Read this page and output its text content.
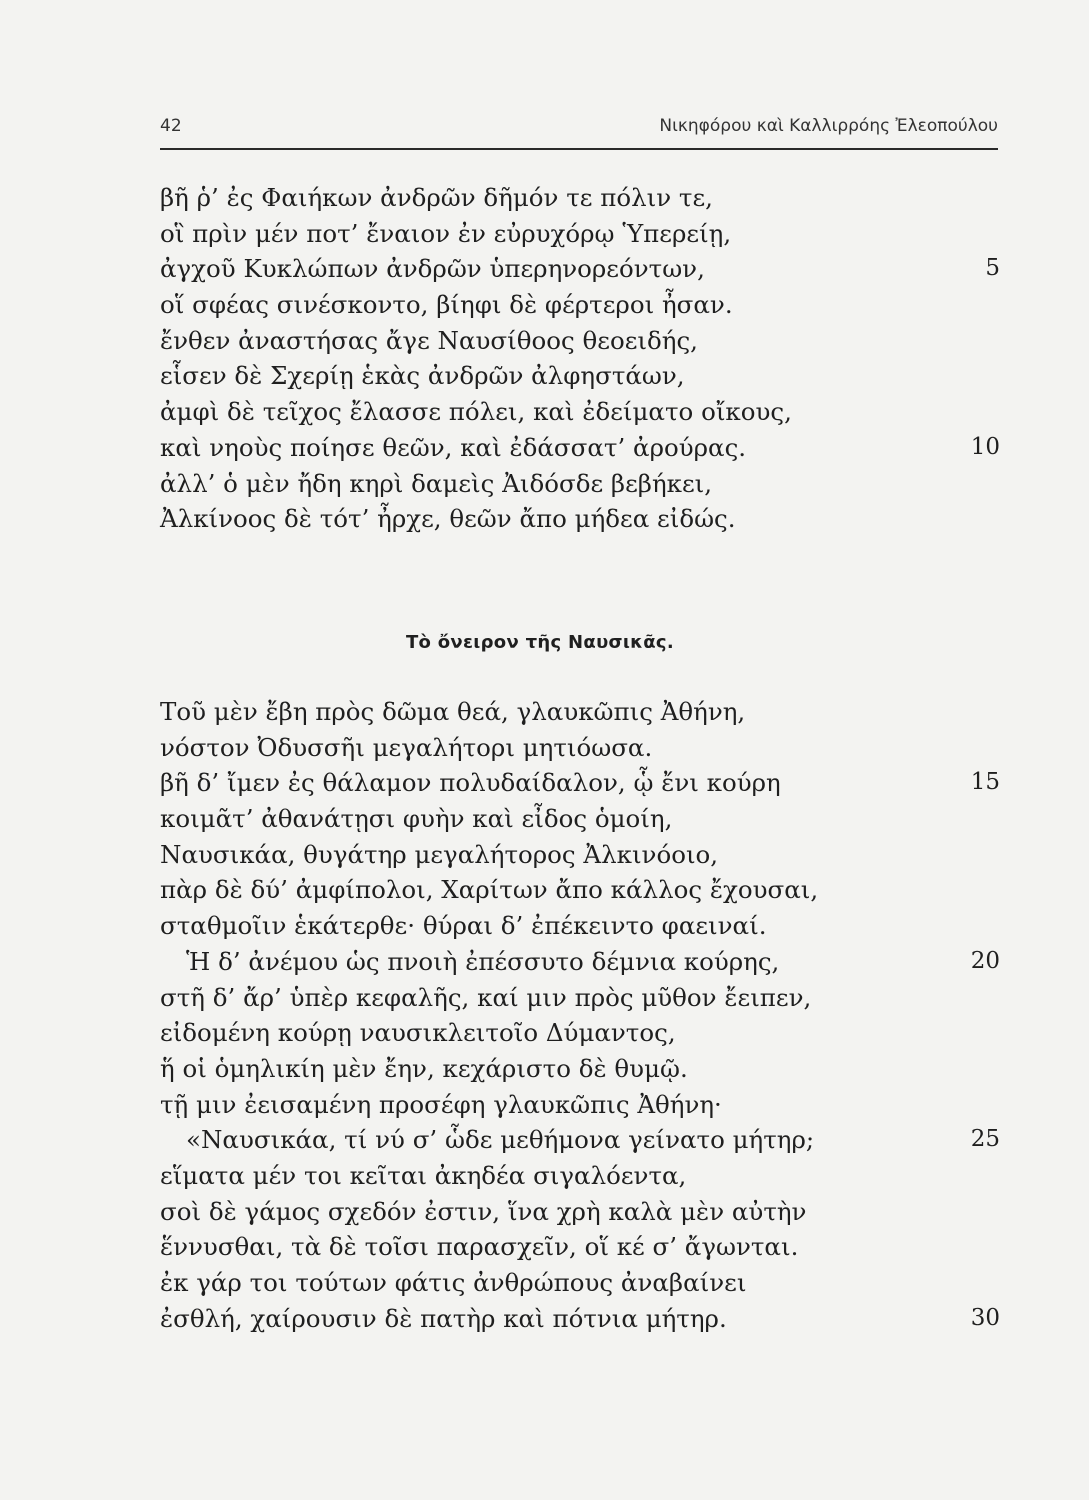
42	Νικηφόρου καὶ Καλλιρρόης Ἐλεοπούλου
βῆ ῥ’ ἐς Φαιήκων ἀνδρῶν δῆμόν τε πόλιν τε,
οἳ πρὶν μέν ποτ’ ἔναιον ἐν εὐρυχόρῳ Ὑπερείῃ,
ἀγχοῦ Κυκλώπων ἀνδρῶν ὑπερηνορεόντων,	5
οἵ σφέας σινέσκοντο, βίηφι δὲ φέρτεροι ἦσαν.
ἔνθεν ἀναστήσας ἄγε Ναυσίθοος θεοειδής,
εἷσεν δὲ Σχερίῃ ἑκὰς ἀνδρῶν ἀλφηστάων,
ἀμφὶ δὲ τεῖχος ἔλασσε πόλει, καὶ ἐδείματο οἴκους,
καὶ νηοὺς ποίησε θεῶν, καὶ ἐδάσσατ’ ἀρούρας.	10
ἀλλ’ ὁ μὲν ἤδη κηρὶ δαμεὶς Ἀιδόσδε βεβήκει,
Ἀλκίνοος δὲ τότ’ ἦρχε, θεῶν ἄπο μήδεα εἰδώς.
Τὸ ὄνειρον τῆς Ναυσικᾶς.
Τοῦ μὲν ἔβη πρὸς δῶμα θεά, γλαυκῶπις Ἀθήνη,
νόστον Ὀδυσσῆι μεγαλήτορι μητιόωσα.
βῆ δ’ ἴμεν ἐς θάλαμον πολυδαίδαλον, ᾧ ἔνι κούρη	15
κοιμᾶτ’ ἀθανάτῃσι φυὴν καὶ εἶδος ὁμοίη,
Ναυσικάα, θυγάτηρ μεγαλήτορος Ἀλκινόοιο,
πὰρ δὲ δύ’ ἀμφίπολοι, Χαρίτων ἄπο κάλλος ἔχουσαι,
σταθμοῖιν ἑκάτερθε· θύραι δ’ ἐπέκειντο φαειναί.
Ἡ δ’ ἀνέμου ὡς πνοιὴ ἐπέσσυτο δέμνια κούρης,	20
στῆ δ’ ἄρ’ ὑπὲρ κεφαλῆς, καί μιν πρὸς μῦθον ἔειπεν,
εἰδομένη κούρῃ ναυσικλειτοῖο Δύμαντος,
ἥ οἱ ὁμηλικίη μὲν ἔην, κεχάριστο δὲ θυμῷ.
τῇ μιν ἐεισαμένη προσέφη γλαυκῶπις Ἀθήνη·
«Ναυσικάα, τί νύ σ’ ὧδε μεθήμονα γείνατο μήτηρ;	25
εἵματα μέν τοι κεῖται ἀκηδέα σιγαλόεντα,
σοὶ δὲ γάμος σχεδόν ἐστιν, ἵνα χρὴ καλὰ μὲν αὐτὴν
ἕννυσθαι, τὰ δὲ τοῖσι παρασχεῖν, οἵ κέ σ’ ἄγωνται.
ἐκ γάρ τοι τούτων φάτις ἀνθρώπους ἀναβαίνει
ἐσθλή, χαίρουσιν δὲ πατὴρ καὶ πότνια μήτηρ.	30
